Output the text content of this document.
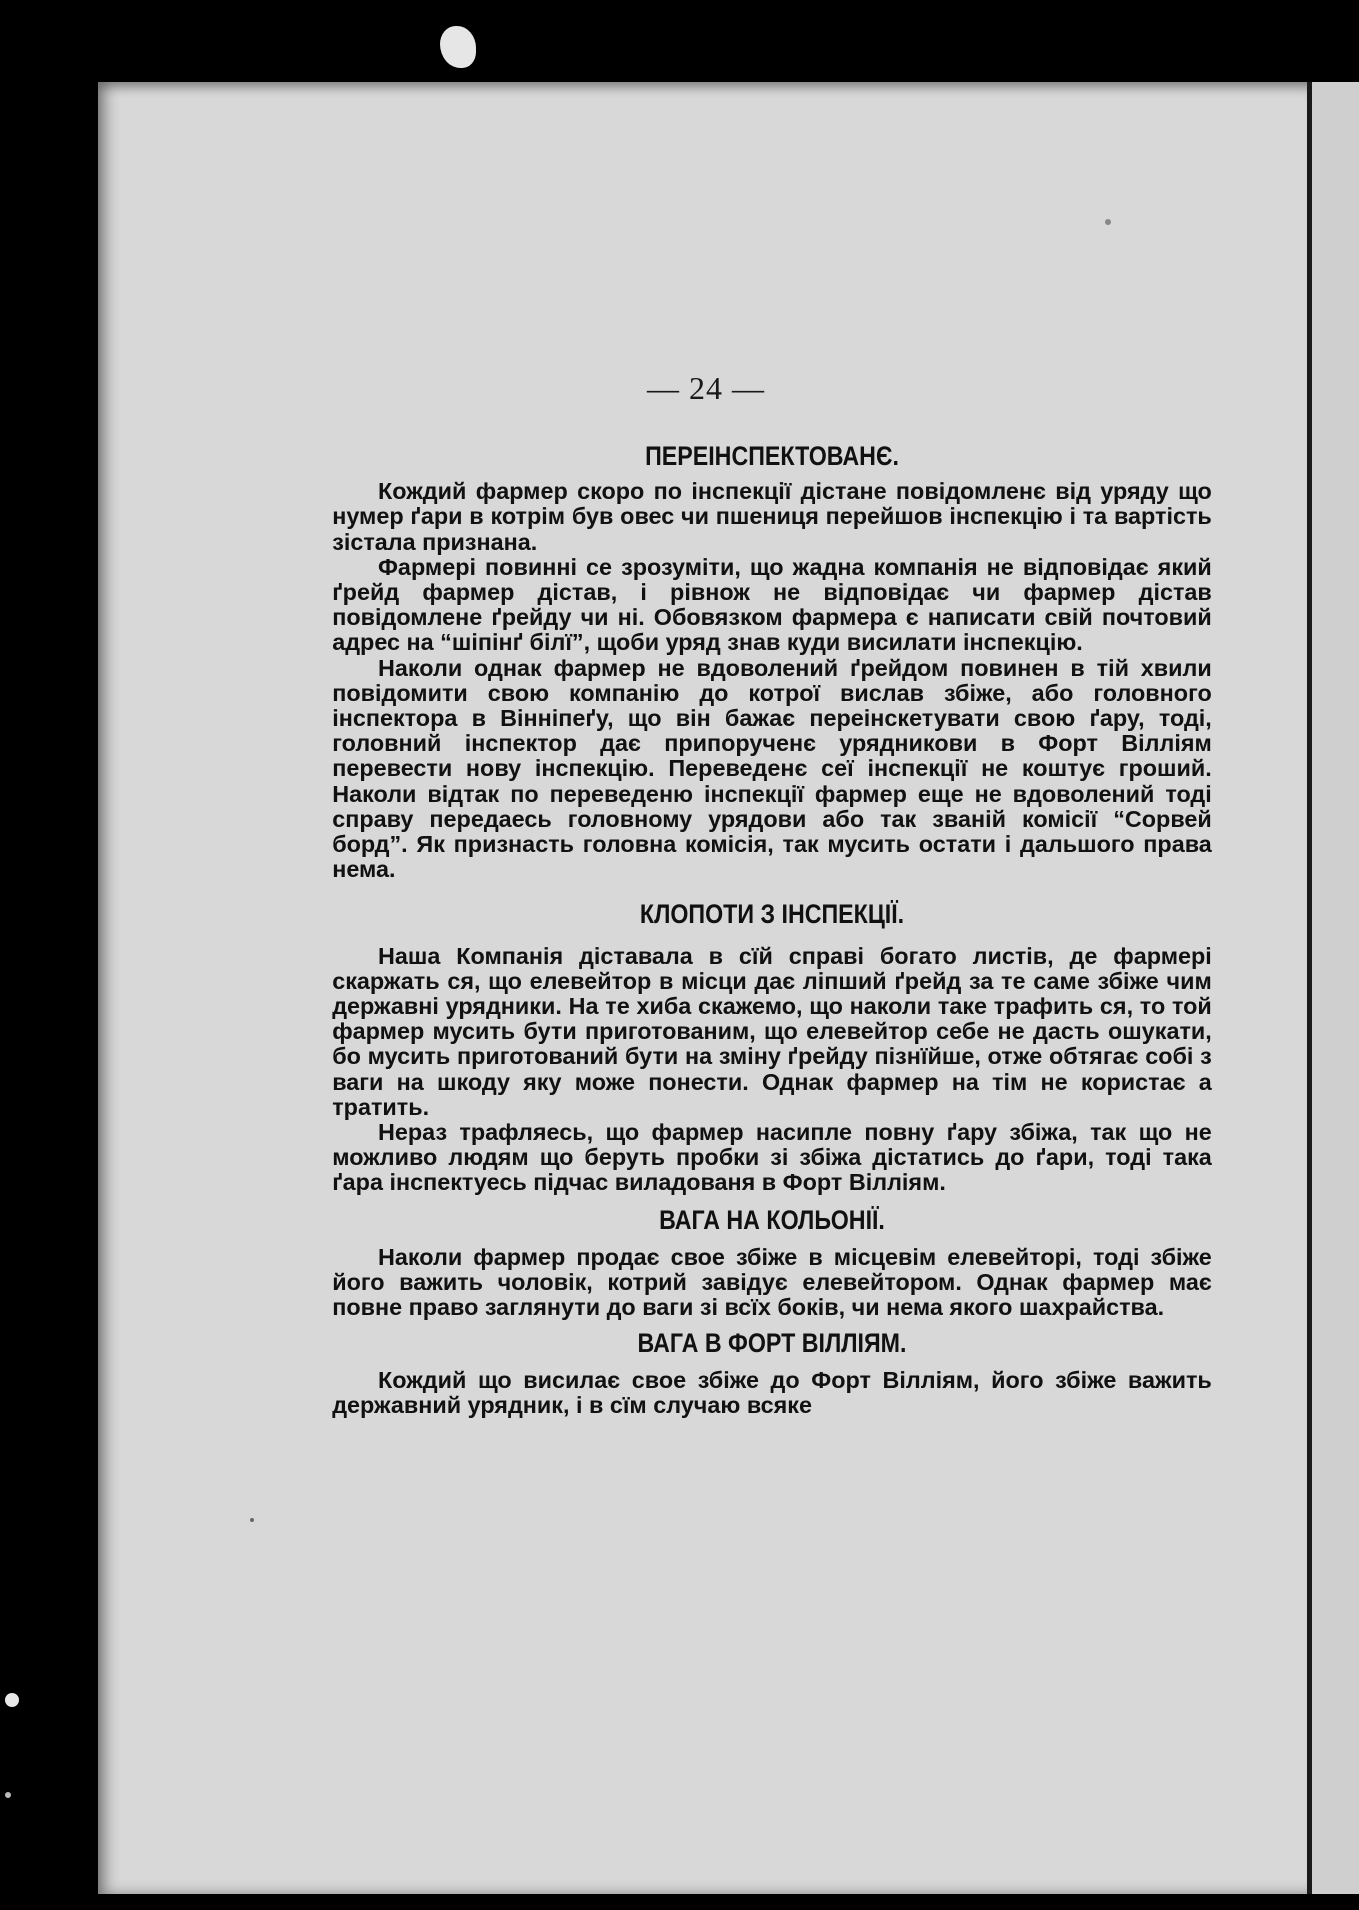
— 24 —
ПЕРЕІНСПЕКТОВАНЄ.

Кождий фармер скоро по інспекції дістане повідомленє від уряду що нумер ґари в котрім був овес чи пшениця перейшов інспекцію і та вартість зістала признана.

Фармері повинні се зрозуміти, що жадна компанія не відповідає який ґрейд фармер дістав, і рівнож не відповідає чи фармер дістав повідомлене ґрейду чи ні. Обовязком фармера є написати свій почтовий адрес на “шіпінґ білї”, щоби уряд знав куди висилати інспекцію.

Наколи однак фармер не вдоволений ґрейдом повинен в тій хвили повідомити свою компанію до котрої вислав збіже, або головного інспектора в Вінніпеґу, що він бажає переінскетувати свою ґару, тоді, головний інспектор дає припорученє урядникови в Форт Вілліям перевести нову інспекцію. Переведенє сеї інспекції не коштує гроший. Наколи відтак по переведеню інспекції фармер еще не вдоволений тоді справу передаесь головному урядови або так званій комісії “Сорвей борд”. Як признасть головна комісія, так мусить остати і дальшого права нема.

КЛОПОТИ З ІНСПЕКЦІЇ.

Наша Компанія діставала в сїй справі богато листів, де фармері скаржать ся, що елевейтор в місци дає ліпший ґрейд за те саме збіже чим державні урядники. На те хиба скажемо, що наколи таке трафить ся, то той фармер мусить бути приготованим, що елевейтор себе не дасть ошукати, бо мусить приготований бути на зміну ґрейду пізнїйше, отже обтягає собі з ваги на шкоду яку може понести. Однак фармер на тім не користає а тратить.

Нераз трафляесь, що фармер насипле повну ґару збіжа, так що не можливо людям що беруть пробки зі збіжа дістатись до ґари, тоді така ґара інспектуесь підчас виладованя в Форт Вілліям.

ВАГА НА КОЛЬОНІЇ.

Наколи фармер продає свое збіже в місцевім елевейторі, тоді збіже його важить чоловік, котрий завідує елевейтором. Однак фармер має повне право заглянути до ваги зі всїх боків, чи нема якого шахрайства.

ВАГА В ФОРТ ВІЛЛІЯМ.

Кождий що висилає свое збіже до Форт Вілліям, його збіже важить державний урядник, і в сїм случаю всяке
